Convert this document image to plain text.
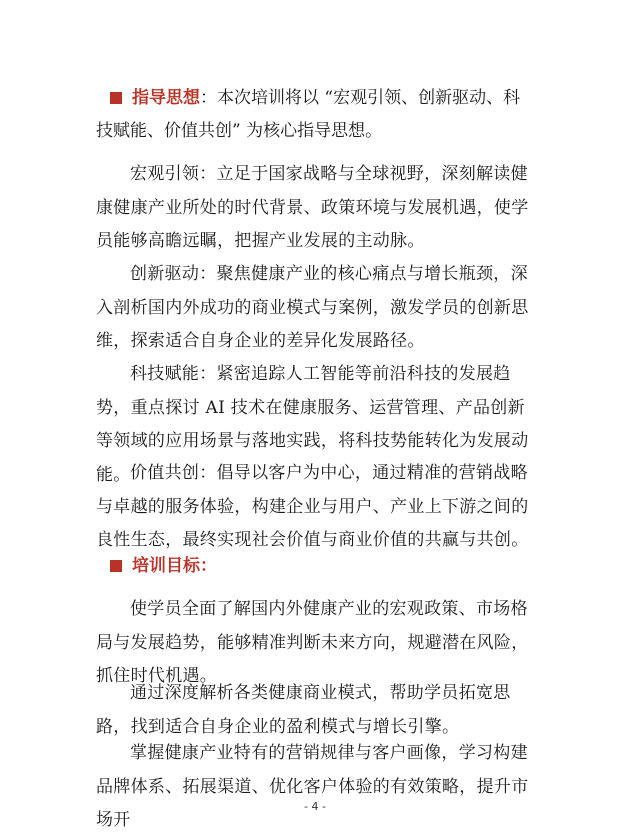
指导思想：本次培训将以 “宏观引领、创新驱动、科
技赋能、价值共创” 为核心指导思想。

宏观引领：立足于国家战略与全球视野，深刻解读健康健康产业所处的时代背景、政策环境与发展机遇，使学员能够高瞻远瞩，把握产业发展的主动脉。

创新驱动：聚焦健康产业的核心痛点与增长瓶颈，深入剖析国内外成功的商业模式与案例，激发学员的创新思维，探索适合自身企业的差异化发展路径。

科技赋能：紧密追踪人工智能等前沿科技的发展趋势，重点探讨 AI 技术在健康服务、运营管理、产品创新等领域的应用场景与落地实践，将科技势能转化为发展动能。 价值共创：倡导以客户为中心，通过精准的营销战略与卓越的服务体验，构建企业与用户、产业上下游之间的良性生态，最终实现社会价值与商业价值的共赢与共创。

培训目标：

使学员全面了解国内外健康产业的宏观政策、市场格局与发展趋势，能够精准判断未来方向，规避潜在风险，抓住时代机遇。

通过深度解析各类健康商业模式，帮助学员拓宽思路，找到适合自身企业的盈利模式与增长引擎。

掌握健康产业特有的营销规律与客户画像，学习构建品牌体系、拓展渠道、优化客户体验的有效策略，提升市场开

- 4 -
